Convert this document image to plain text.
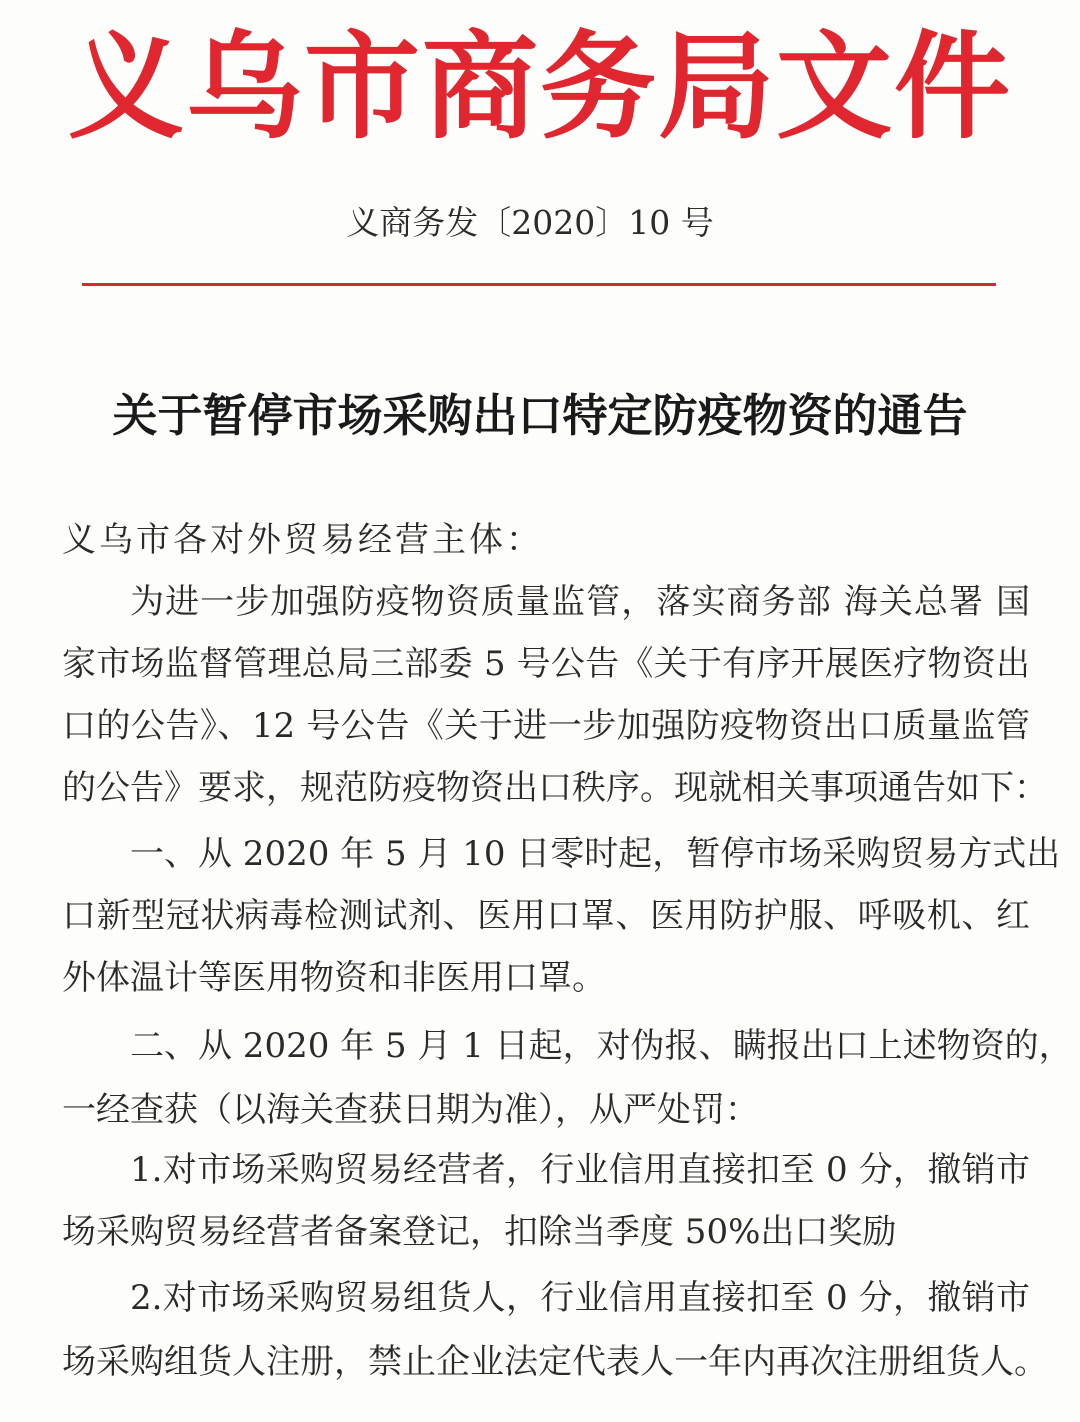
义乌市商务局文件
义商务发〔2020〕10 号
关于暂停市场采购出口特定防疫物资的通告
义乌市各对外贸易经营主体：
为进一步加强防疫物资质量监管，落实商务部 海关总署 国
家市场监督管理总局三部委 5 号公告《关于有序开展医疗物资出
口的公告》、12 号公告《关于进一步加强防疫物资出口质量监管
的公告》要求，规范防疫物资出口秩序。现就相关事项通告如下：
一、从 2020 年 5 月 10 日零时起，暂停市场采购贸易方式出
口新型冠状病毒检测试剂、医用口罩、医用防护服、呼吸机、红
外体温计等医用物资和非医用口罩。
二、从 2020 年 5 月 1 日起，对伪报、瞒报出口上述物资的，
一经查获（以海关查获日期为准），从严处罚：
1.对市场采购贸易经营者，行业信用直接扣至 0 分，撤销市
场采购贸易经营者备案登记，扣除当季度 50%出口奖励
2.对市场采购贸易组货人，行业信用直接扣至 0 分，撤销市
场采购组货人注册，禁止企业法定代表人一年内再次注册组货人。
